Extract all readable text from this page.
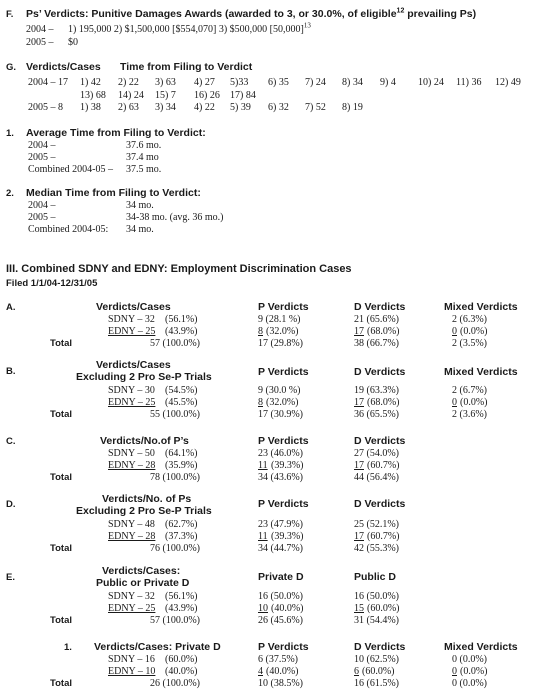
F. Ps’ Verdicts: Punitive Damages Awards (awarded to 3, or 30.0%, of eligible$^{12}$ prevailing Ps)
2004 – 1) 195,000 2) $1,500,000 [$554,070] 3) $500,000 $[50,000]^{13}$
2005 – $0
G. Verdicts/Cases Time from Filing to Verdict
2004 – 17 1) 42 2) 22 3) 63 4) 27 5)33 6) 35 7) 24 8) 34 9) 4 10) 24 11) 36 12) 49
13) 68 14) 24 15) 7 16) 26 17) 84
2005 – 8 1) 38 2) 63 3) 34 4) 22 5) 39 6) 32 7) 52 8) 19
1. Average Time from Filing to Verdict:
2004 –	37.6 mo.
2005 –	37.4 mo
Combined 2004-05 – 37.5 mo.
2. Median Time from Filing to Verdict:
2004 –	34 mo.
2005 –	34-38 mo. (avg. 36 mo.)
Combined 2004-05: 34 mo.
III. Combined SDNY and EDNY: Employment Discrimination Cases
Filed 1/1/04-12/31/05
A.	Verdicts/Cases	P Verdicts	D Verdicts	Mixed Verdicts
SDNY – 32 (56.1%)	9 (28.1 %)	21 (65.6%)	2 (6.3%)
EDNY – 25 (43.9%)	8 (32.0%)	17 (68.0%)	0 (0.0%)
Total	57 (100.0%)	17 (29.8%)	38 (66.7%)	2 (3.5%)
B.
Verdicts/Cases
Excluding 2 Pro Se-P Trials	P Verdicts	D Verdicts	Mixed Verdicts
SDNY – 30 (54.5%)	9 (30.0 %)	19 (63.3%)	2 (6.7%)
EDNY – 25 (45.5%)	8 (32.0%)	17 (68.0%)	0 (0.0%)
Total	55 (100.0%)	17 (30.9%)	36 (65.5%)	2 (3.6%)
C.	Verdicts/No.of P’s	P Verdicts	D Verdicts
SDNY – 50 (64.1%)	23 (46.0%)	27 (54.0%)
EDNY – 28 (35.9%)	11 (39.3%)	17 (60.7%)
Total	78 (100.0%)	34 (43.6%)	44 (56.4%)
D.	Verdicts/No. of Ps
Excluding 2 Pro Se-P Trials
P Verdicts	D Verdicts
SDNY – 48 (62.7%)	23 (47.9%)	25 (52.1%)
EDNY – 28 (37.3%)	11 (39.3%)	17 (60.7%)
Total	76 (100.0%)	34 (44.7%)	42 (55.3%)
E.
Verdicts/Cases:
Public or Private D	Private D	Public D
SDNY – 32 (56.1%)	16 (50.0%)	16 (50.0%)
EDNY – 25 (43.9%)	10 (40.0%)	15 (60.0%)
Total	57 (100.0%)	26 (45.6%)	31 (54.4%)
1. Verdicts/Cases: Private D	P Verdicts	D Verdicts	Mixed Verdicts
SDNY – 16 (60.0%)	6 (37.5%)	10 (62.5%)	0 (0.0%)
EDNY – 10 (40.0%)	4 (40.0%)	6 (60.0%)	0 (0.0%)
Total	26 (100.0%)	10 (38.5%)	16 (61.5%)	0 (0.0%)
